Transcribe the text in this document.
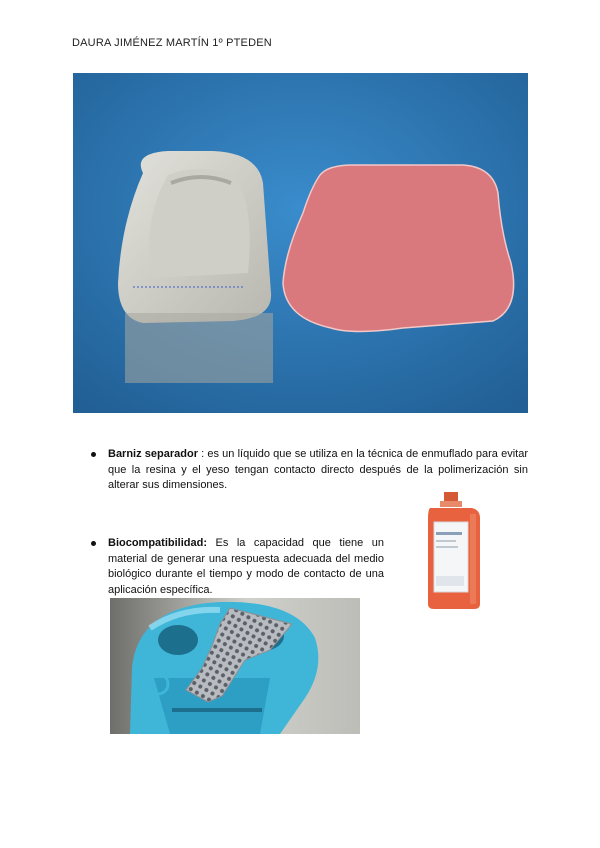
DAURA JIMÉNEZ MARTÍN 1º PTEDEN
Barniz separador : es un líquido que se utiliza en la técnica de enmuflado para evitar que la resina y el yeso tengan contacto directo después de la polimerización sin alterar sus dimensiones.
Biocompatibilidad: Es la capacidad que tiene un material de generar una respuesta adecuada del medio biológico durante el tiempo y modo de contacto de una aplicación específica.
